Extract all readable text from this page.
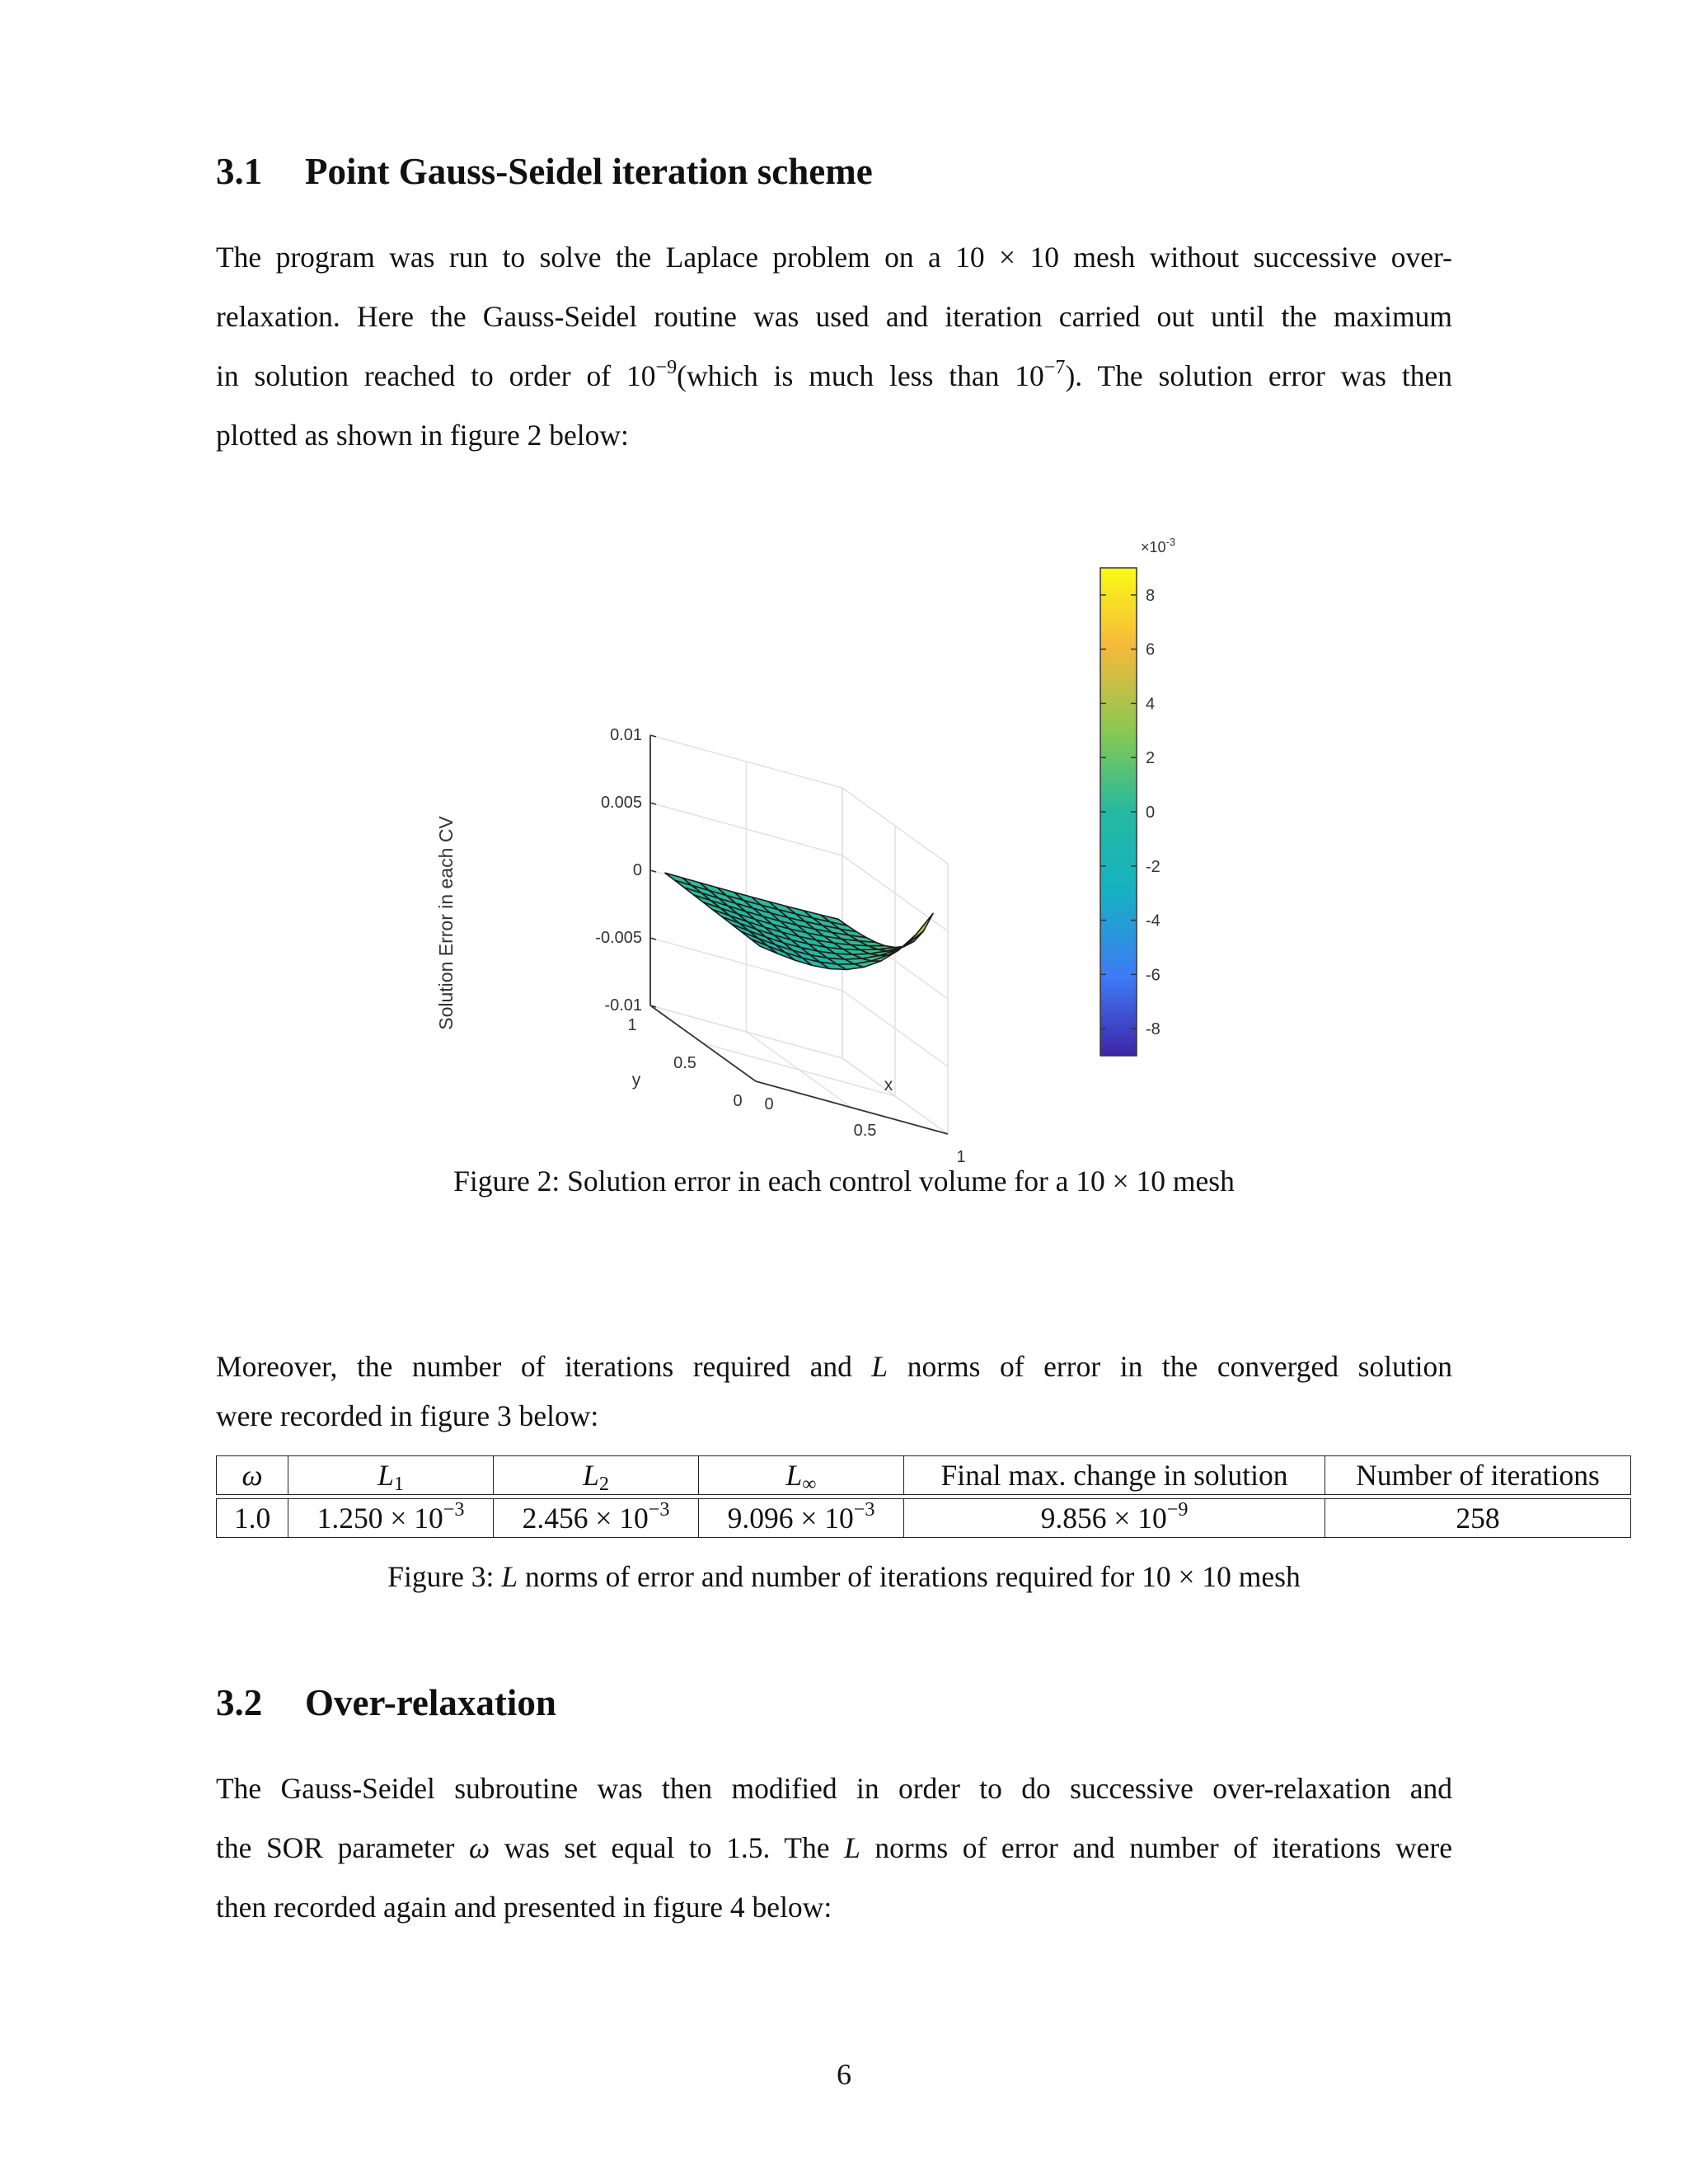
3.1 Point Gauss-Seidel iteration scheme
The program was run to solve the Laplace problem on a 10 × 10 mesh without successive over-
relaxation. Here the Gauss-Seidel routine was used and iteration carried out until the maximum
in solution reached to order of $10^{-9}(which$ is much less than $10^{-7}$). The solution error was then
plotted as shown in figure 2 below:
-0.01
-0.005
0
0.005
0.01
0
0.5
1
0
0.5
1
8
6
4
2
0
-2
-4
-6
-8
$\times 10^{-3}$
Solution Error in each CV
x
y
Figure 2: Solution error in each control volume for a 10 × 10 mesh
Moreover, the number of iterations required and L norms of error in the converged solution
were recorded in figure 3 below:
ω	$L_1$	$L_2$	$L_\infty$	Final max. change in solution	Number of iterations
1.0	$1.250 \times 10^{-3}$	$2.456 \times 10^{-3}$	$9.096 \times 10^{-3}$	$9.856 \times 10^{-9}$	258
Figure 3: L norms of error and number of iterations required for 10 × 10 mesh
3.2 Over-relaxation
The Gauss-Seidel subroutine was then modified in order to do successive over-relaxation and
the SOR parameter ω was set equal to 1.5. The L norms of error and number of iterations were
then recorded again and presented in figure 4 below:
6
